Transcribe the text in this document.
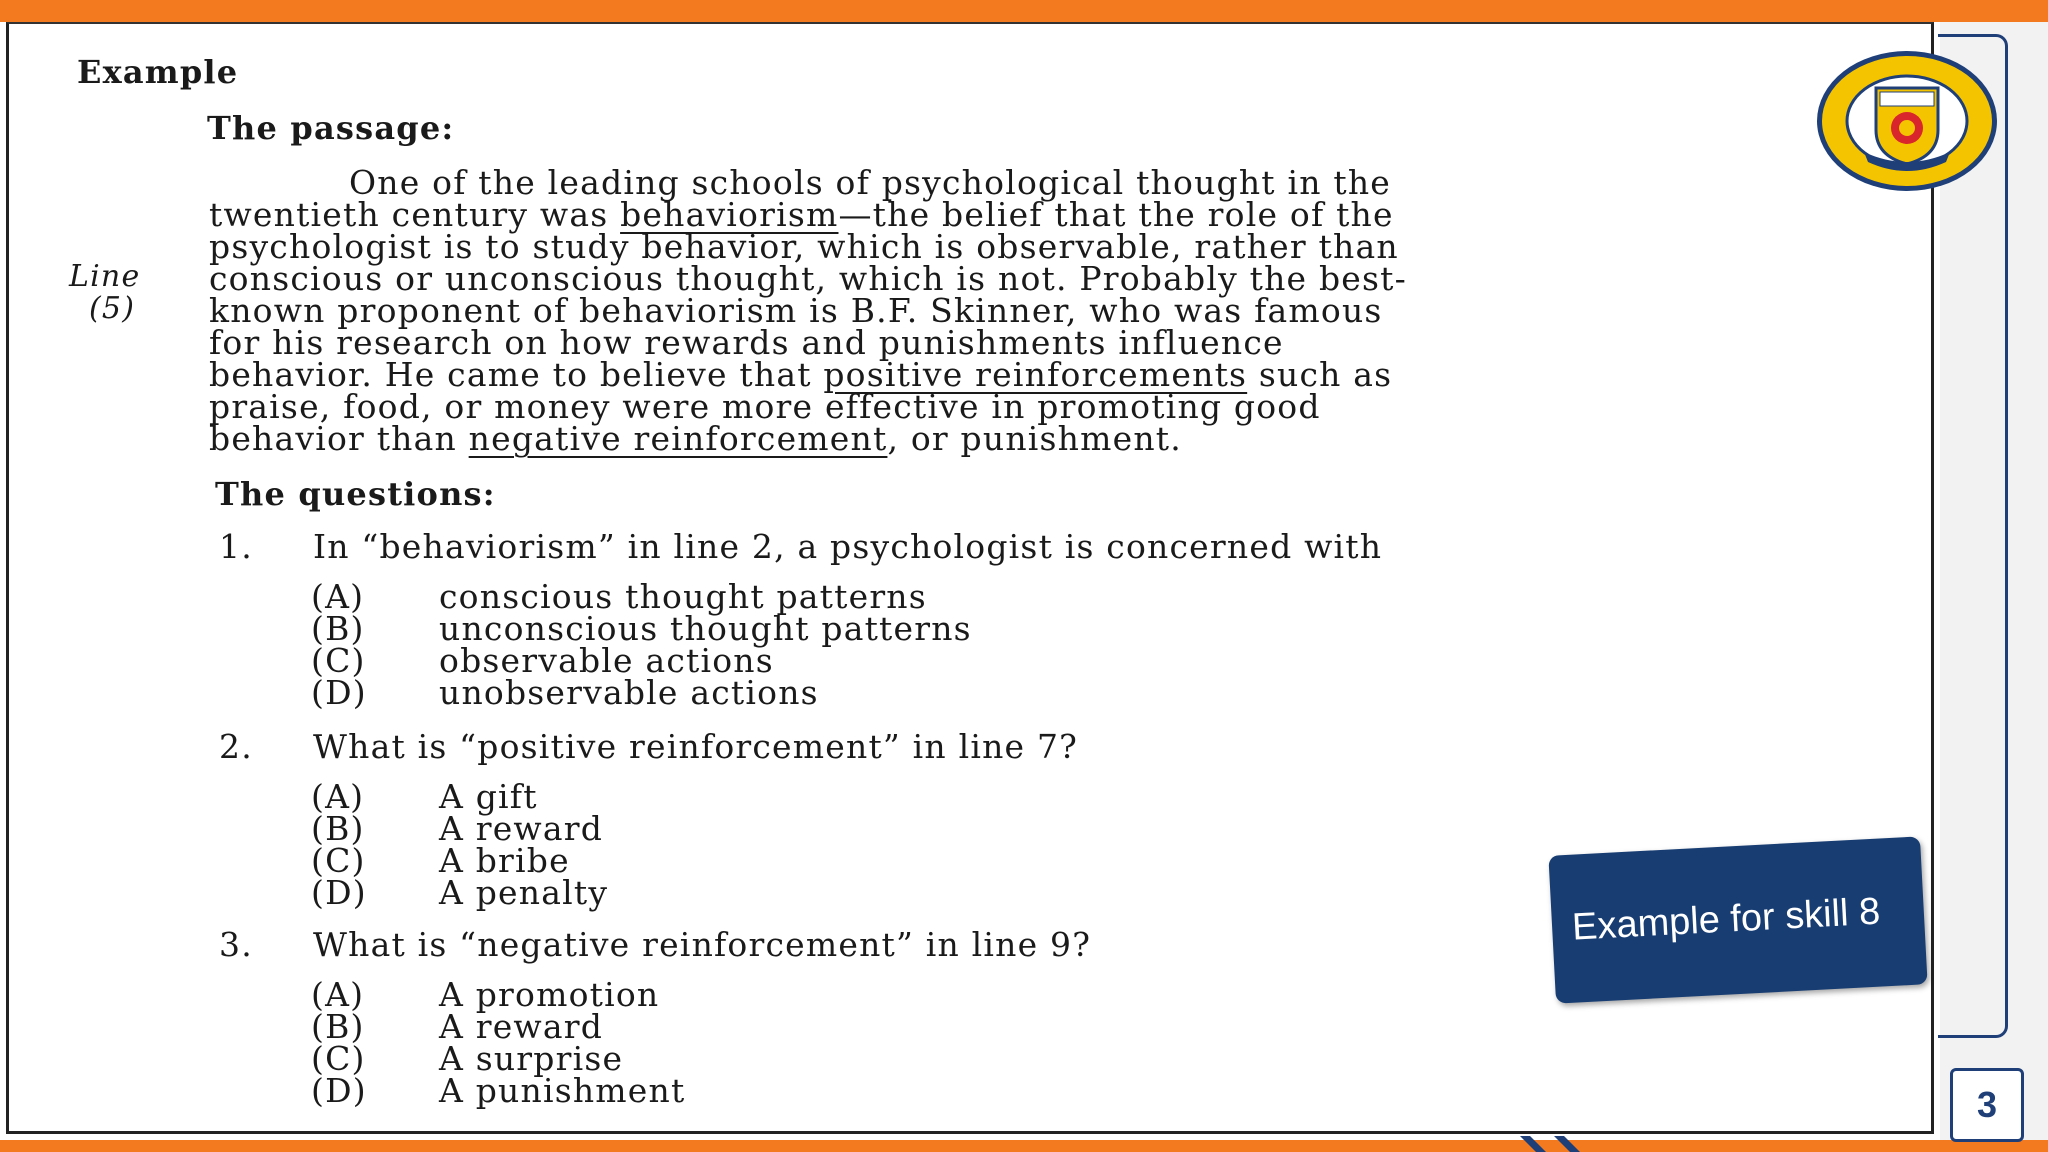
Example
The passage:
Line
(5)
One of the leading schools of psychological thought in the
twentieth century was behaviorism—the belief that the role of the
psychologist is to study behavior, which is observable, rather than
conscious or unconscious thought, which is not. Probably the best-
known proponent of behaviorism is B.F. Skinner, who was famous
for his research on how rewards and punishments influence
behavior. He came to believe that positive reinforcements such as
praise, food, or money were more effective in promoting good
behavior than negative reinforcement, or punishment.
The questions:
1. In “behaviorism” in line 2, a psychologist is concerned with
(A) conscious thought patterns
(B) unconscious thought patterns
(C) observable actions
(D) unobservable actions
2. What is “positive reinforcement” in line 7?
(A) A gift
(B) A reward
(C) A bribe
(D) A penalty
3. What is “negative reinforcement” in line 9?
(A) A promotion
(B) A reward
(C) A surprise
(D) A punishment
Example for skill 8
3
